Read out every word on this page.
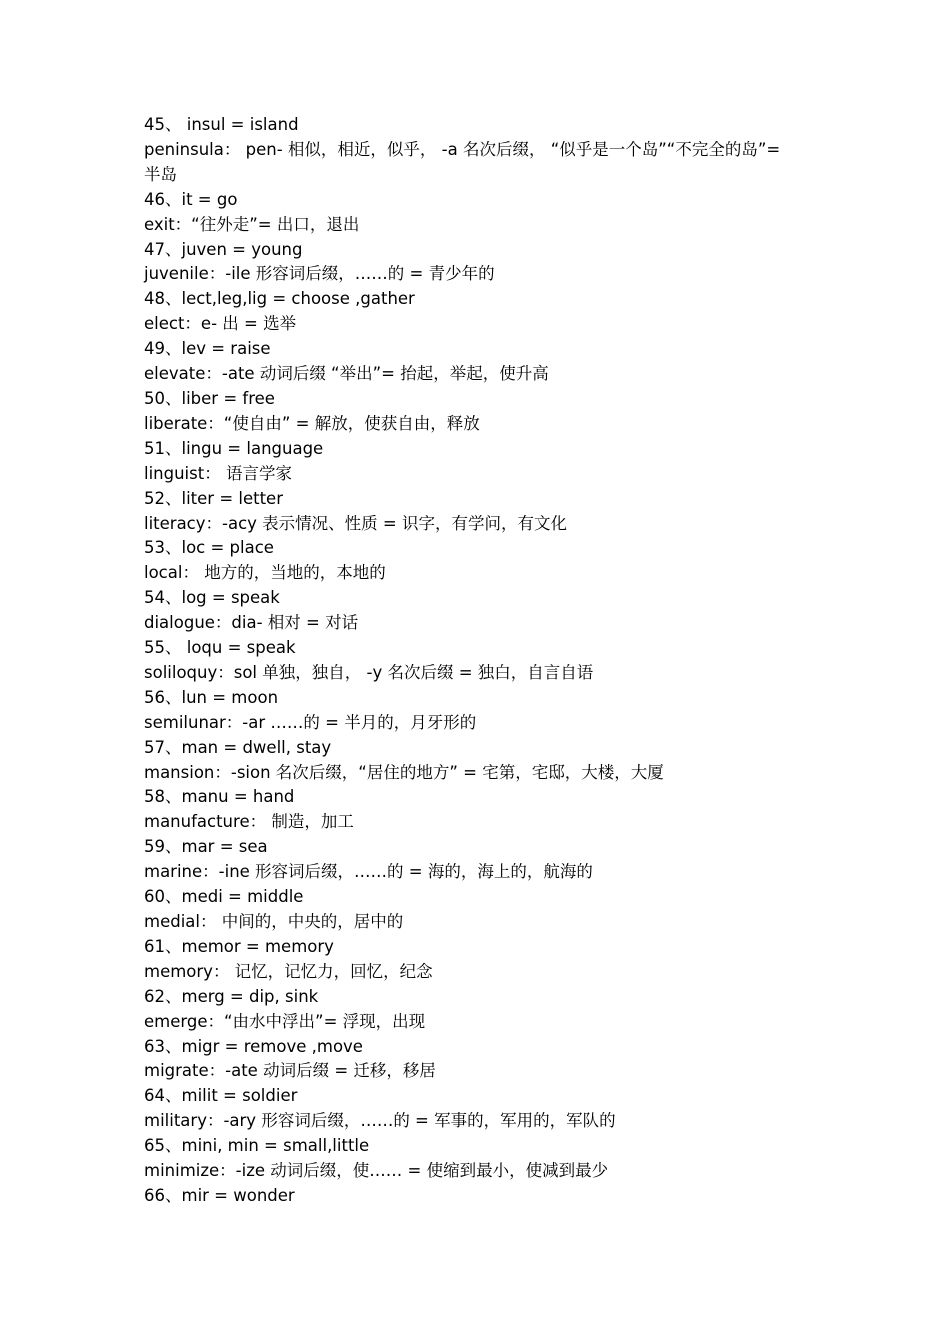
45、 insul = island

peninsula： pen- 相似，相近，似乎， -a 名次后缀， “似乎是一个岛”“不完全的岛”=

半岛

46、it = go

exit：“往外走”= 出口，退出

47、juven = young

juvenile：-ile 形容词后缀，……的 = 青少年的

48、lect,leg,lig = choose ,gather

elect：e- 出 = 选举

49、lev = raise

elevate：-ate 动词后缀 “举出”= 抬起，举起，使升高

50、liber = free

liberate：“使自由” = 解放，使获自由，释放

51、lingu = language

linguist： 语言学家

52、liter = letter

literacy：-acy 表示情况、性质 = 识字，有学问，有文化

53、loc = place

local： 地方的，当地的，本地的

54、log = speak

dialogue：dia- 相对 = 对话

55、 loqu = speak

soliloquy：sol 单独，独自， -y 名次后缀 = 独白，自言自语

56、lun = moon

semilunar：-ar ……的 = 半月的，月牙形的

57、man = dwell, stay

mansion：-sion 名次后缀，“居住的地方” = 宅第，宅邸，大楼，大厦

58、manu = hand

manufacture： 制造，加工

59、mar = sea

marine：-ine 形容词后缀，……的 = 海的，海上的，航海的

60、medi = middle

medial： 中间的，中央的，居中的

61、memor = memory

memory： 记忆，记忆力，回忆，纪念

62、merg = dip, sink

emerge：“由水中浮出”= 浮现，出现

63、migr = remove ,move

migrate：-ate 动词后缀 = 迁移，移居

64、milit = soldier

military：-ary 形容词后缀，……的 = 军事的，军用的，军队的

65、mini, min = small,little

minimize：-ize 动词后缀，使…… = 使缩到最小，使减到最少

66、mir = wonder
